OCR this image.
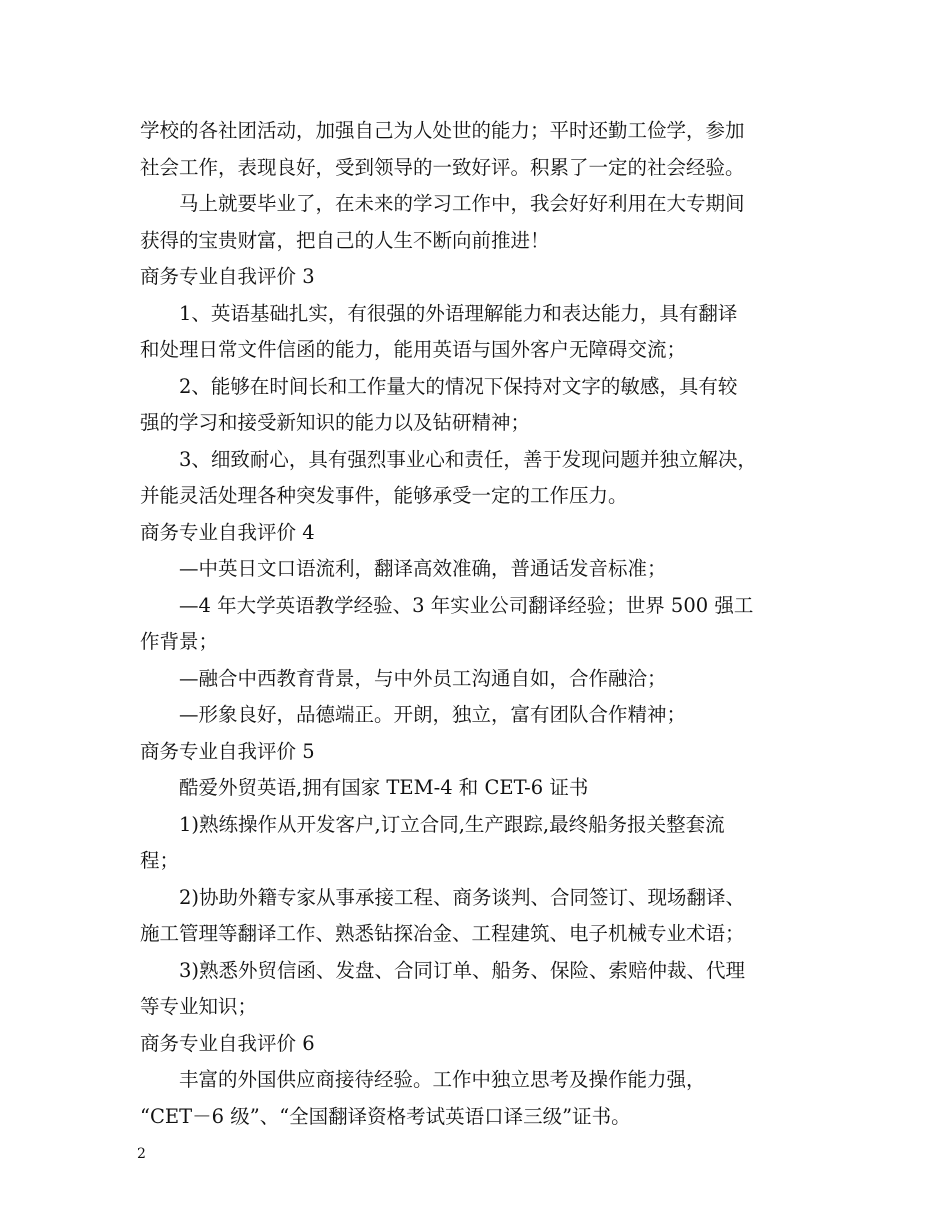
学校的各社团活动，加强自己为人处世的能力；平时还勤工俭学，参加
社会工作，表现良好，受到领导的一致好评。积累了一定的社会经验。
马上就要毕业了，在未来的学习工作中，我会好好利用在大专期间
获得的宝贵财富，把自己的人生不断向前推进！
商务专业自我评价 3
1、英语基础扎实，有很强的外语理解能力和表达能力，具有翻译
和处理日常文件信函的能力，能用英语与国外客户无障碍交流；
2、能够在时间长和工作量大的情况下保持对文字的敏感，具有较
强的学习和接受新知识的能力以及钻研精神；
3、细致耐心，具有强烈事业心和责任，善于发现问题并独立解决，
并能灵活处理各种突发事件，能够承受一定的工作压力。
商务专业自我评价 4
—中英日文口语流利，翻译高效准确，普通话发音标准；
—4 年大学英语教学经验、3 年实业公司翻译经验；世界 500 强工
作背景；
—融合中西教育背景，与中外员工沟通自如，合作融洽；
—形象良好，品德端正。开朗，独立，富有团队合作精神；
商务专业自我评价 5
酷爱外贸英语,拥有国家 TEM-4 和 CET-6 证书
1)熟练操作从开发客户,订立合同,生产跟踪,最终船务报关整套流
程；
2)协助外籍专家从事承接工程、商务谈判、合同签订、现场翻译、
施工管理等翻译工作、熟悉钻探冶金、工程建筑、电子机械专业术语；
3)熟悉外贸信函、发盘、合同订单、船务、保险、索赔仲裁、代理
等专业知识；
商务专业自我评价 6
丰富的外国供应商接待经验。工作中独立思考及操作能力强，
“CET－6 级”、“全国翻译资格考试英语口译三级”证书。
2
